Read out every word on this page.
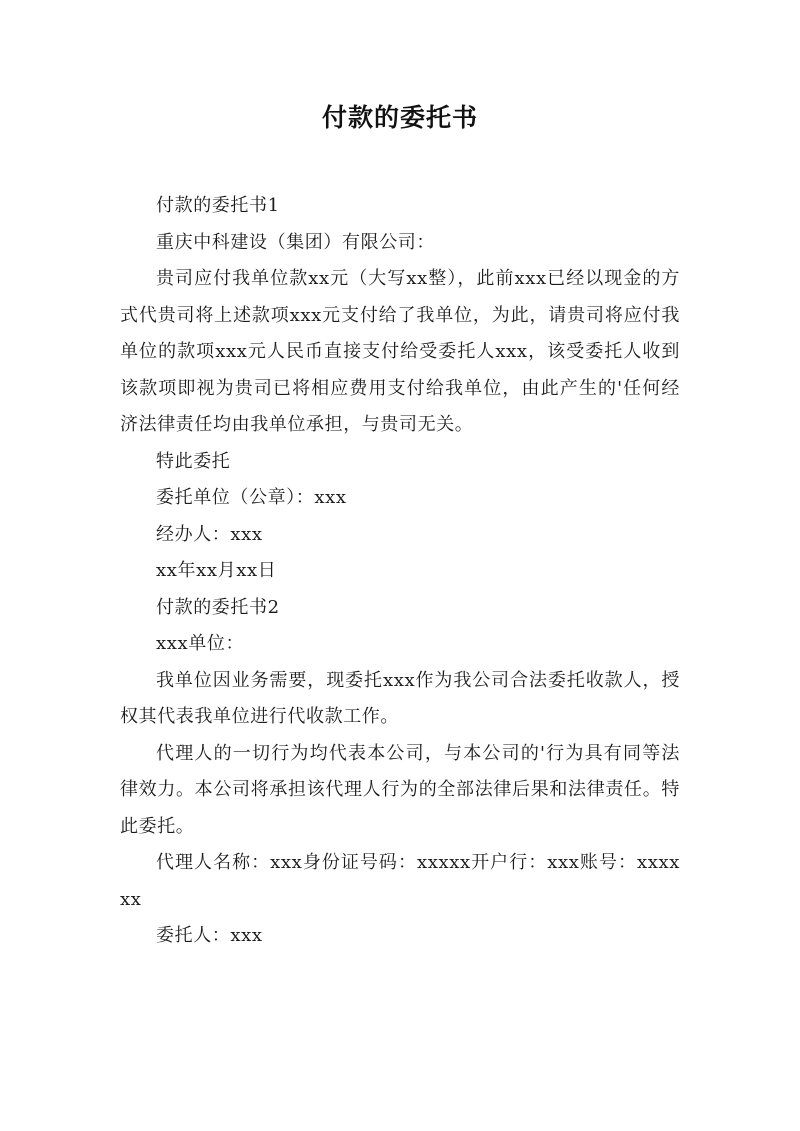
付款的委托书

付款的委托书1

重庆中科建设（集团）有限公司：

贵司应付我单位款xx元（大写xx整），此前xxx已经以现金的方式代贵司将上述款项xxx元支付给了我单位，为此，请贵司将应付我单位的款项xxx元人民币直接支付给受委托人xxx，该受委托人收到该款项即视为贵司已将相应费用支付给我单位，由此产生的'任何经济法律责任均由我单位承担，与贵司无关。

特此委托

委托单位（公章）：xxx

经办人：xxx

xx年xx月xx日

付款的委托书2

xxx单位：

我单位因业务需要，现委托xxx作为我公司合法委托收款人，授权其代表我单位进行代收款工作。

代理人的一切行为均代表本公司，与本公司的'行为具有同等法律效力。本公司将承担该代理人行为的全部法律后果和法律责任。特此委托。

代理人名称：xxx身份证号码：xxxxx开户行：xxx账号：xxxxxx

委托人：xxx
